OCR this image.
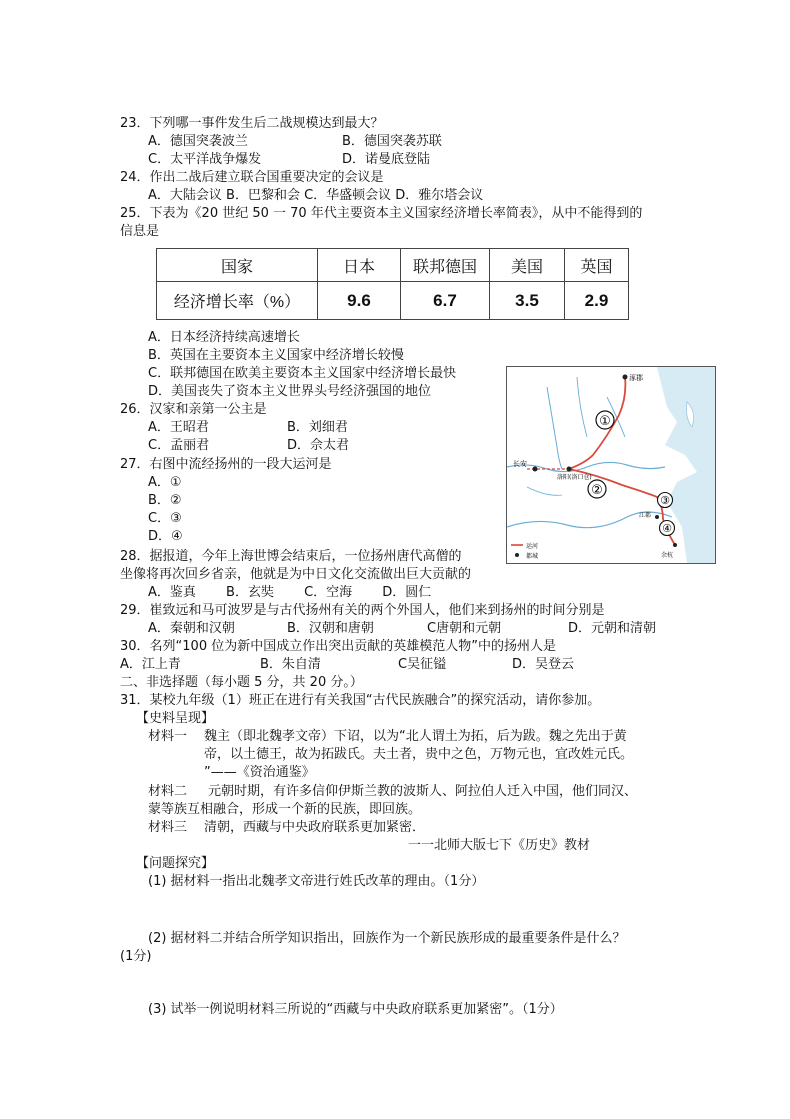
23．下列哪一事件发生后二战规模达到最大？
A．德国突袭波兰	B．德国突袭苏联
C．太平洋战争爆发	D．诺曼底登陆
24．作出二战后建立联合国重要决定的会议是
A．大陆会议 B．巴黎和会 C．华盛顿会议 D．雅尔塔会议
25．下表为《20 世纪 50 一 70 年代主要资本主义国家经济增长率简表》，从中不能得到的
信息是
国家	日本	联邦德国	美国	英国
经济增长率（%）	9.6	6.7	3.5	2.9
A．日本经济持续高速增长
B．英国在主要资本主义国家中经济增长较慢
C．联邦德国在欧美主要资本主义国家中经济增长最快
D．美国丧失了资本主义世界头号经济强国的地位
26．汉家和亲第一公主是
A．王昭君	B．刘细君
C．孟丽君	D．佘太君
27．右图中流经扬州的一段大运河是
A．①
B．②
C．③
D．④
涿郡
长安
洛阳(洛口仓)
江都
余杭
①
②
③
④
运河
都城
28．据报道，今年上海世博会结束后，一位扬州唐代高僧的
坐像将再次回乡省亲，他就是为中日文化交流做出巨大贡献的
A．鉴真　　 B．玄奘　　 C．空海　　 D．圆仁
29．崔致远和马可波罗是与古代扬州有关的两个外国人，他们来到扬州的时间分别是
A．秦朝和汉朝	B．汉朝和唐朝	C唐朝和元朝	D．元朝和清朝
30．名列“100 位为新中国成立作出突出贡献的英雄模范人物”中的扬州人是
A．江上青	B．朱自清	C吴征镒	D．吴登云
二、非选择题（每小题 5 分，共 20 分。）
31．某校九年级（1）班正在进行有关我国“古代民族融合”的探究活动，请你参加。
【史料呈现】
材料一 魏主（即北魏孝文帝）下诏，以为“北人谓土为拓，后为跋。魏之先出于黄
帝，以土德王，故为拓跋氏。夫土者，贵中之色，万物元也，宜改姓元氏。
”——《资治通鉴》
材料二 　元朝时期，有许多信仰伊斯兰教的波斯人、阿拉伯人迁入中国，他们同汉、
蒙等族互相融合，形成一个新的民族，即回族。
材料三 清朝，西藏与中央政府联系更加紧密．
一一北师大版七下《历史》教材
【问题探究】
(1) 据材料一指出北魏孝文帝进行姓氏改革的理由。（1分）
(2) 据材料二并结合所学知识指出，回族作为一个新民族形成的最重要条件是什么？
(1分)
(3) 试举一例说明材料三所说的“西藏与中央政府联系更加紧密”。（1分）
